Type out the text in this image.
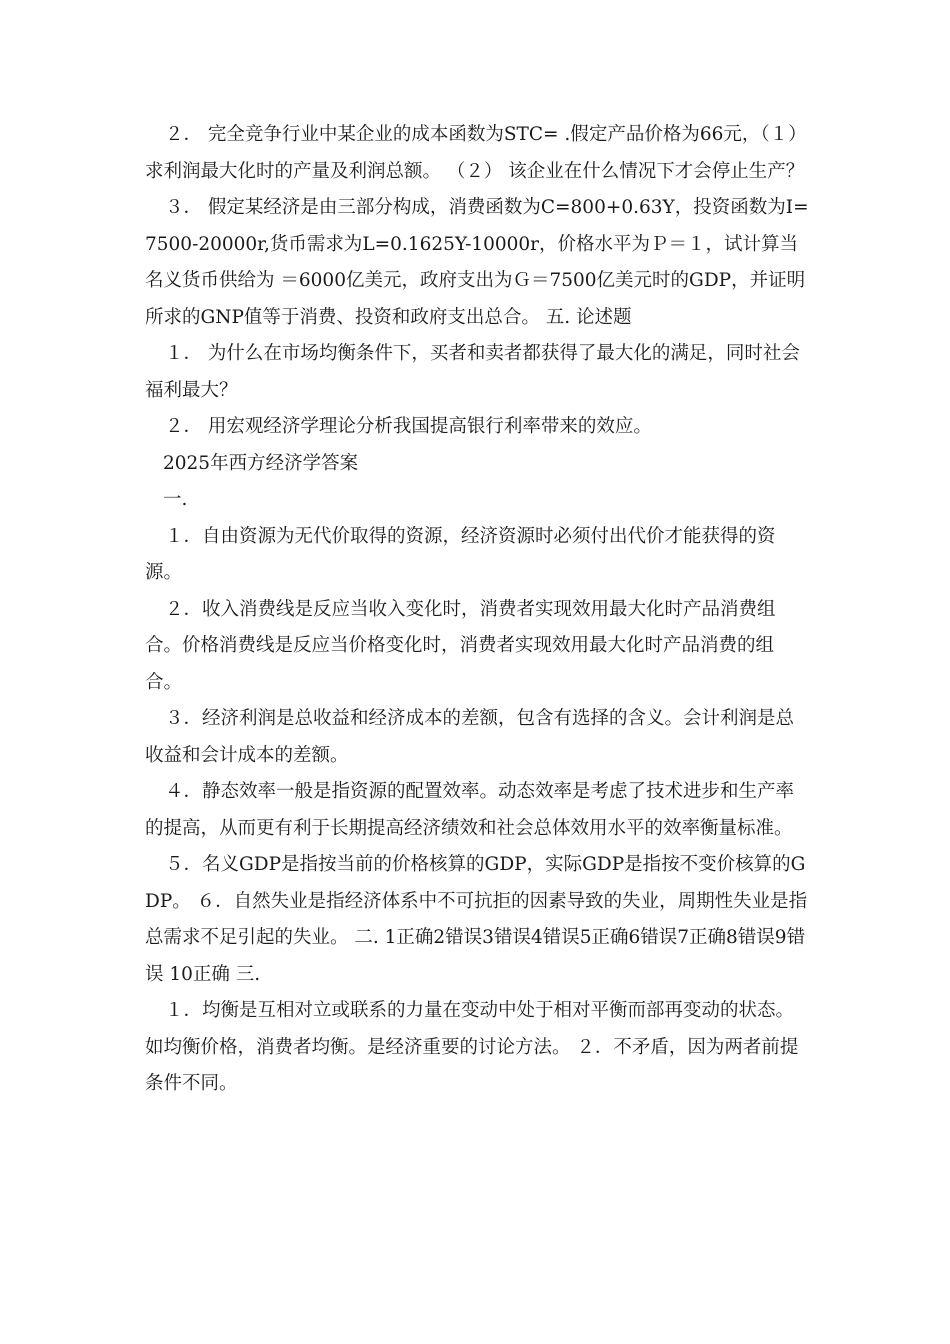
２． 完全竞争行业中某企业的成本函数为STC= .假定产品价格为66元，（１） 求利润最大化时的产量及利润总额。 （２） 该企业在什么情况下才会停止生产？

３． 假定某经济是由三部分构成，消费函数为C=800+0.63Y，投资函数为I=7500-20000r,货币需求为L=0.1625Y-10000r，价格水平为Ｐ＝１，试计算当名义货币供给为 ＝6000亿美元，政府支出为Ｇ＝7500亿美元时的GDP，并证明所求的GNP值等于消费、投资和政府支出总合。 五. 论述题

１． 为什么在市场均衡条件下，买者和卖者都获得了最大化的满足，同时社会福利最大？

２． 用宏观经济学理论分析我国提高银行利率带来的效应。

2025年西方经济学答案

一.

１．自由资源为无代价取得的资源，经济资源时必须付出代价才能获得的资源。

２．收入消费线是反应当收入变化时，消费者实现效用最大化时产品消费组合。价格消费线是反应当价格变化时，消费者实现效用最大化时产品消费的组合。

３．经济利润是总收益和经济成本的差额，包含有选择的含义。会计利润是总收益和会计成本的差额。

４．静态效率一般是指资源的配置效率。动态效率是考虑了技术进步和生产率的提高，从而更有利于长期提高经济绩效和社会总体效用水平的效率衡量标准。

５．名义GDP是指按当前的价格核算的GDP，实际GDP是指按不变价核算的GDP。 ６．自然失业是指经济体系中不可抗拒的因素导致的失业，周期性失业是指总需求不足引起的失业。 二. 1正确2错误3错误4错误5正确6错误7正确8错误9错误 10正确 三.

１．均衡是互相对立或联系的力量在变动中处于相对平衡而部再变动的状态。如均衡价格，消费者均衡。是经济重要的讨论方法。 ２．不矛盾，因为两者前提条件不同。
